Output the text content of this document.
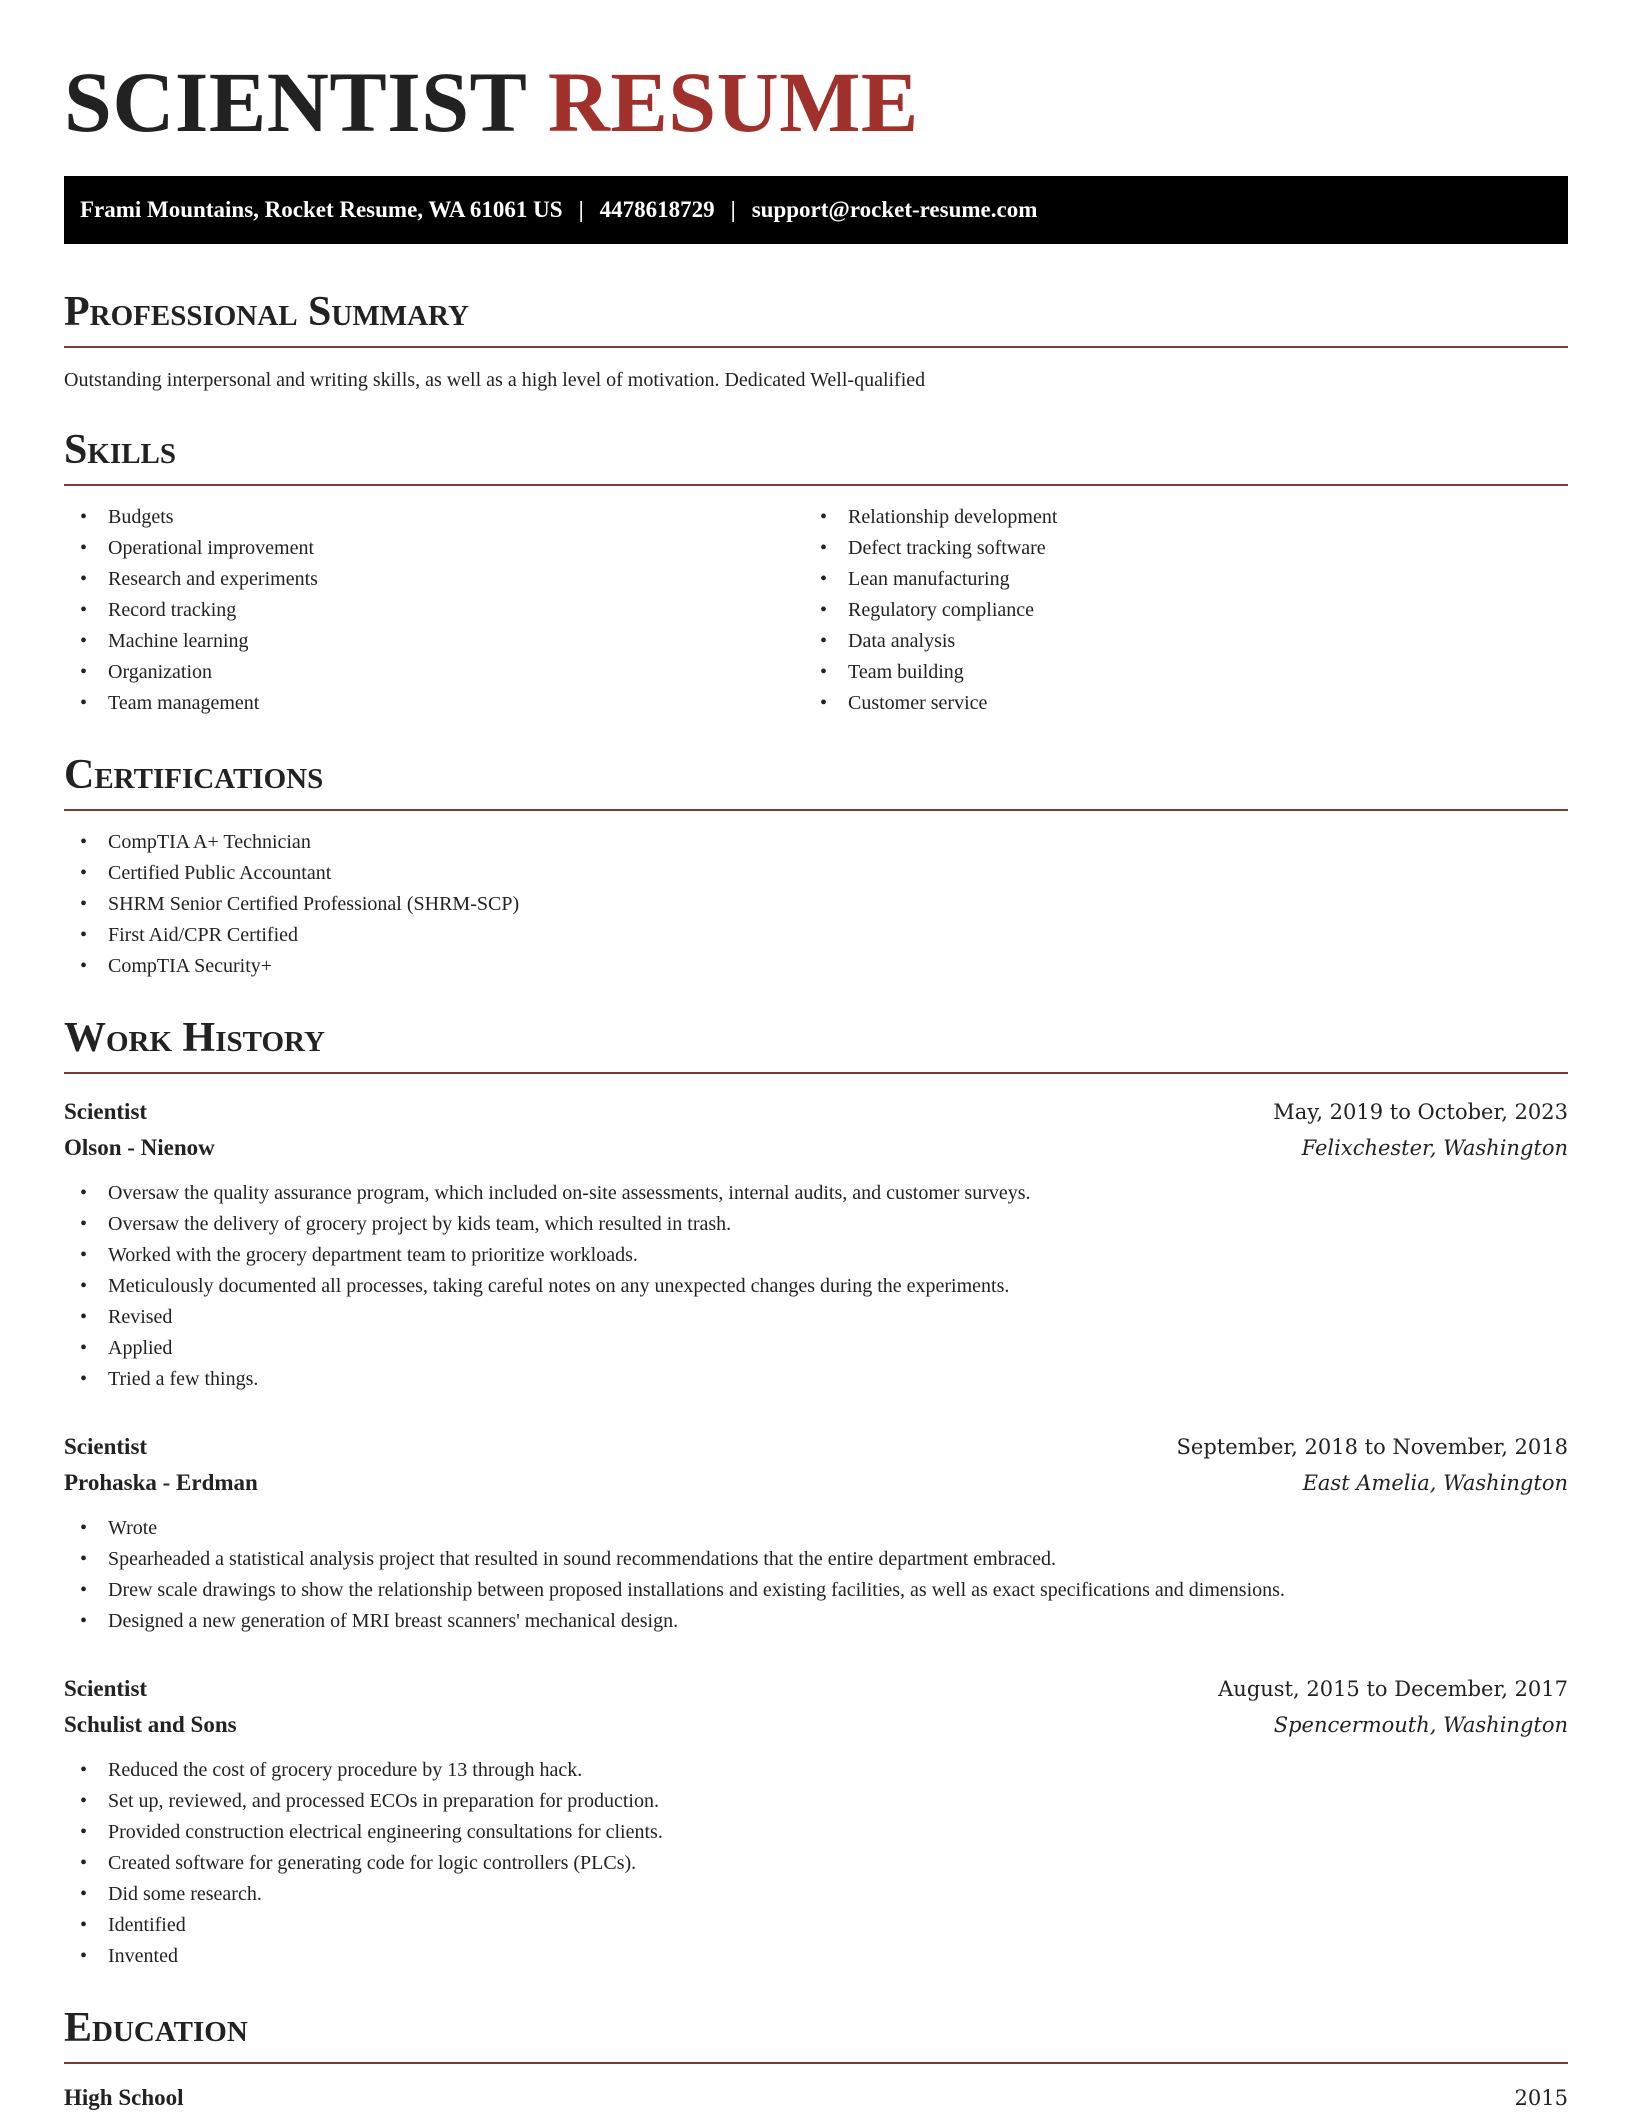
SCIENTIST RESUME
Frami Mountains, Rocket Resume, WA 61061 US | 4478618729 | support@rocket-resume.com
Professional Summary

Outstanding interpersonal and writing skills, as well as a high level of motivation. Dedicated Well-qualified

Skills
• Budgets
• Operational improvement
• Research and experiments
• Record tracking
• Machine learning
• Organization
• Team management
• Relationship development
• Defect tracking software
• Lean manufacturing
• Regulatory compliance
• Data analysis
• Team building
• Customer service
Certifications
• CompTIA A+ Technician
• Certified Public Accountant
• SHRM Senior Certified Professional (SHRM-SCP)
• First Aid/CPR Certified
• CompTIA Security+
Work History
Scientist	May, 2019 to October, 2023
Olson - Nienow	Felixchester, Washington
• Oversaw the quality assurance program, which included on-site assessments, internal audits, and customer surveys.
• Oversaw the delivery of grocery project by kids team, which resulted in trash.
• Worked with the grocery department team to prioritize workloads.
• Meticulously documented all processes, taking careful notes on any unexpected changes during the experiments.
• Revised
• Applied
• Tried a few things.
Scientist	September, 2018 to November, 2018
Prohaska - Erdman	East Amelia, Washington
• Wrote
• Spearheaded a statistical analysis project that resulted in sound recommendations that the entire department embraced.
• Drew scale drawings to show the relationship between proposed installations and existing facilities, as well as exact specifications and dimensions.
• Designed a new generation of MRI breast scanners' mechanical design.
Scientist	August, 2015 to December, 2017
Schulist and Sons	Spencermouth, Washington
• Reduced the cost of grocery procedure by 13 through hack.
• Set up, reviewed, and processed ECOs in preparation for production.
• Provided construction electrical engineering consultations for clients.
• Created software for generating code for logic controllers (PLCs).
• Did some research.
• Identified
• Invented
Education
High School	2015
